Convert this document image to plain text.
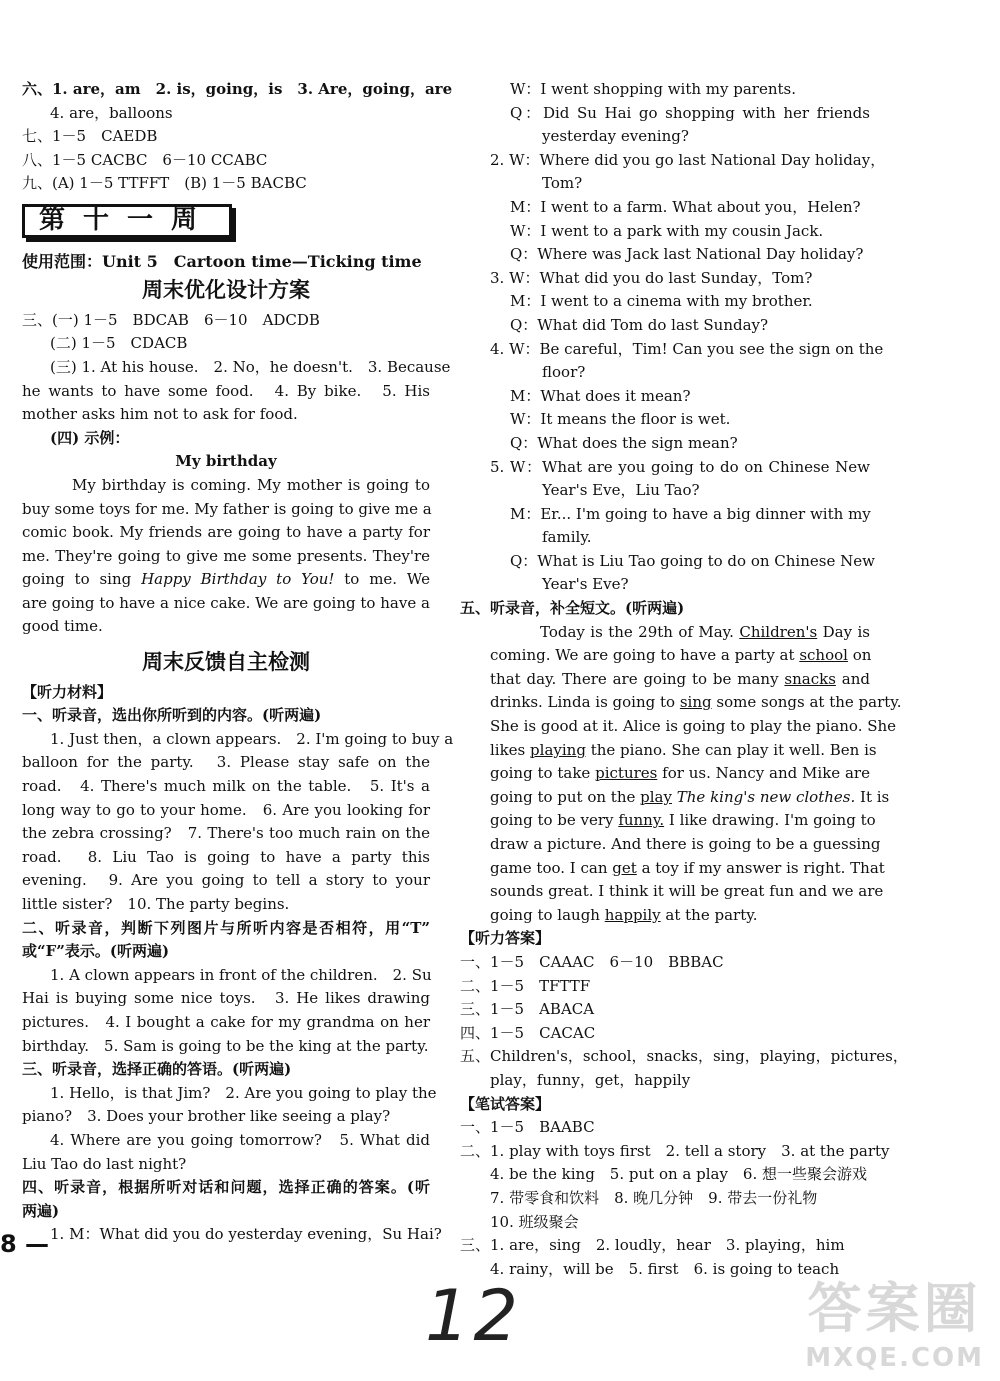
六、1. are，am　2. is，going，is　3. Are，going，are
4. are，balloons
七、1－5　CAEDB
八、1－5 CACBC　6－10 CCABC
九、(A) 1－5 TTFFT　(B) 1－5 BACBC
第十一周
使用范围：Unit 5　Cartoon time—Ticking time
周末优化设计方案
三、(一) 1－5　BDCAB　6－10　ADCDB
(二) 1－5　CDACB
(三) 1. At his house.　2. No，he doesn't.　3. Because
he wants to have some food.　4. By bike.　5. His
mother asks him not to ask for food.
(四) 示例：
My birthday
My birthday is coming. My mother is going to
buy some toys for me. My father is going to give me a
comic book. My friends are going to have a party for
me. They're going to give me some presents. They're
going to sing Happy Birthday to You! to me. We
are going to have a nice cake. We are going to have a
good time.
周末反馈自主检测
【听力材料】
一、听录音，选出你所听到的内容。(听两遍)
1. Just then，a clown appears.　2. I'm going to buy a
balloon for the party.　3. Please stay safe on the
road.　4. There's much milk on the table.　5. It's a
long way to go to your home.　6. Are you looking for
the zebra crossing?　7. There's too much rain on the
road.　8. Liu Tao is going to have a party this
evening.　9. Are you going to tell a story to your
little sister?　10. The party begins.
二、听录音，判断下列图片与所听内容是否相符，用“T”
或“F”表示。(听两遍)
1. A clown appears in front of the children.　2. Su
Hai is buying some nice toys.　3. He likes drawing
pictures.　4. I bought a cake for my grandma on her
birthday.　5. Sam is going to be the king at the party.
三、听录音，选择正确的答语。(听两遍)
1. Hello，is that Jim?　2. Are you going to play the
piano?　3. Does your brother like seeing a play?
4. Where are you going tomorrow?　5. What did
Liu Tao do last night?
四、听录音，根据所听对话和问题，选择正确的答案。(听
两遍)
1. M：What did you do yesterday evening，Su Hai?
W：I went shopping with my parents.
Q：Did Su Hai go shopping with her friends
yesterday evening?
2. W：Where did you go last National Day holiday，
Tom?
M：I went to a farm. What about you，Helen?
W：I went to a park with my cousin Jack.
Q：Where was Jack last National Day holiday?
3. W：What did you do last Sunday，Tom?
M：I went to a cinema with my brother.
Q：What did Tom do last Sunday?
4. W：Be careful，Tim! Can you see the sign on the
floor?
M：What does it mean?
W：It means the floor is wet.
Q：What does the sign mean?
5. W：What are you going to do on Chinese New
Year's Eve，Liu Tao?
M：Er... I'm going to have a big dinner with my
family.
Q：What is Liu Tao going to do on Chinese New
Year's Eve?
五、听录音，补全短文。(听两遍)
Today is the 29th of May. Children's Day is
coming. We are going to have a party at school on
that day. There are going to be many snacks and
drinks. Linda is going to sing some songs at the party.
She is good at it. Alice is going to play the piano. She
likes playing the piano. She can play it well. Ben is
going to take pictures for us. Nancy and Mike are
going to put on the play The king's new clothes. It is
going to be very funny. I like drawing. I'm going to
draw a picture. And there is going to be a guessing
game too. I can get a toy if my answer is right. That
sounds great. I think it will be great fun and we are
going to laugh happily at the party.
【听力答案】
一、1－5　CAAAC　6－10　BBBAC
二、1－5　TFTTF
三、1－5　ABACA
四、1－5　CACAC
五、Children's，school，snacks，sing，playing，pictures，
play，funny，get，happily
【笔试答案】
一、1－5　BAABC
二、1. play with toys first　2. tell a story　3. at the party
4. be the king　5. put on a play　6. 想一些聚会游戏
7. 带零食和饮料　8. 晚几分钟　9. 带去一份礼物
10. 班级聚会
三、1. are，sing　2. loudly，hear　3. playing，him
4. rainy，will be　5. first　6. is going to teach
8 —
12	答案圈
MXQE.COM
